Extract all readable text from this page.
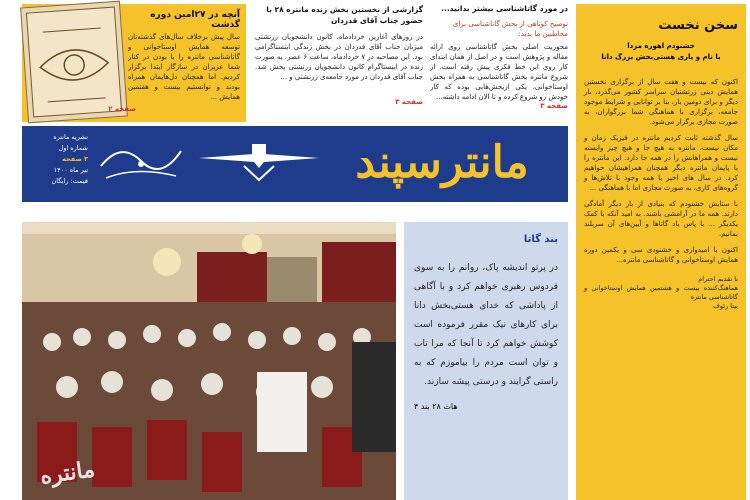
آنچه در ۲۷امین دوره گذشت
سال پیش برخلاف سال‌های گذشته‌تان توسعه همایش اوستاخوانی و گاتاشناسی مانتره را با بودن در کنار شما عزیزان در سازگار ابتدا برگزار کردیم. اما همچنان دل‌هایمان همراه بودند و توانستیم بیست و هفتمین همایش ...
صفحه ۲
گزارشی از نخستین بخش زنده مانتره ۲۸ با حضور جناب آقای قدردان
در روزهای آغازین خردادماه، کانون دانشجویان زرتشتی میزبان جناب آقای قدردان در بخش زندگی اینستاگرامی بود. این مصاحبه در ۷ خردادماه، ساعت ۶ عصر، به صورت زنده در اینستاگرام کانون دانشجویان زرتشتی پخش شد. جناب آقای قدردان در مورد جامعه‌ی زرتشتی و ...
صفحه ۳
در مورد گاتاشناسی بیشتر بدانید...
توضیح کوتاهی از بخش گاتاشناسی برای مخاطبین ما بدید:
محوریت اصلی بخش گاتاشناسی روی ارائه مقاله و پژوهش است و در اصل از همان ابتدای کار روی این خط فکری پیش رفته است. از شروع مانتره بخش گاتاشناسی به همراه بخش اوستاخوانی، یکی ازبخش‌هایی بوده که کار خودش رو شروع کرده و تا الان ادامه داشته...
صفحه ۳
نشریه مانتره
شماره اول
۳ صفحه
تیر ماه ۱۴۰۰
قیمت: رایگان	مانترسپند
مانتره
بند گاتا
در پرتو اندیشه پاک، روانم را به سوی فردوس رهبری خواهم کرد و با آگاهی از پاداشی که خدای هستی‌بخش دانا برای کارهای نیک مقرر فرموده است کوشش خواهم کرد تا آنجا که مرا تاب و توان است مردم را بیاموزم که به راستی گرایند و درستی پیشه سازند.
هات ۲۸ بند ۴
سخن نخست
خشنودم اهوره مزدا
با نام و یاری هستی‌بخش بزرگ دانا
اکنون که بیست و هفت سال از برگزاری نخستین همایش دینی زرتشتیان سراسر کشور می‌گذرد، بار دیگر و برای دومین بار، بنا بر توانایی و شرایط موجود جامعه، برگزاری با هماهنگی شما بزرگواران، به صورت مجازی برگزار می‌شود.
سال گذشته ثابت کردیم مانتره در فیزیک زمان و مکان نیست، مانتره به هیچ جا و هیچ چیز وابسته نیست و همراهانش را در همه جا دارد. این مانتره را با پایمان مانتره دیگر همچنان همراهیشان خواهیم کرد. در سال های اخیر با همه وجود با تلاش‌ها و گروه‌های کاری، به صورت مجازی اما با هماهنگی ...
با ستایش خشنودم که بنیادی از بار دیگر آمادگی دارند. همه ما در آرامشی باشند. به امید آنکه با کمک یکدیگر ... با پاس باد گاتاها و آیین‌های آن سربلند بمانیم.
اکنون با امیدواری و خشنودی سی و یکمین دوره همایش اوستاخوانی و گاتاشناسی مانتره...
با تقدیم احترام
هماهنگ‌کننده بیست و هشتمین همایش اوستاخوانی و گاتاشناسی مانتره
بیتا رئوف
